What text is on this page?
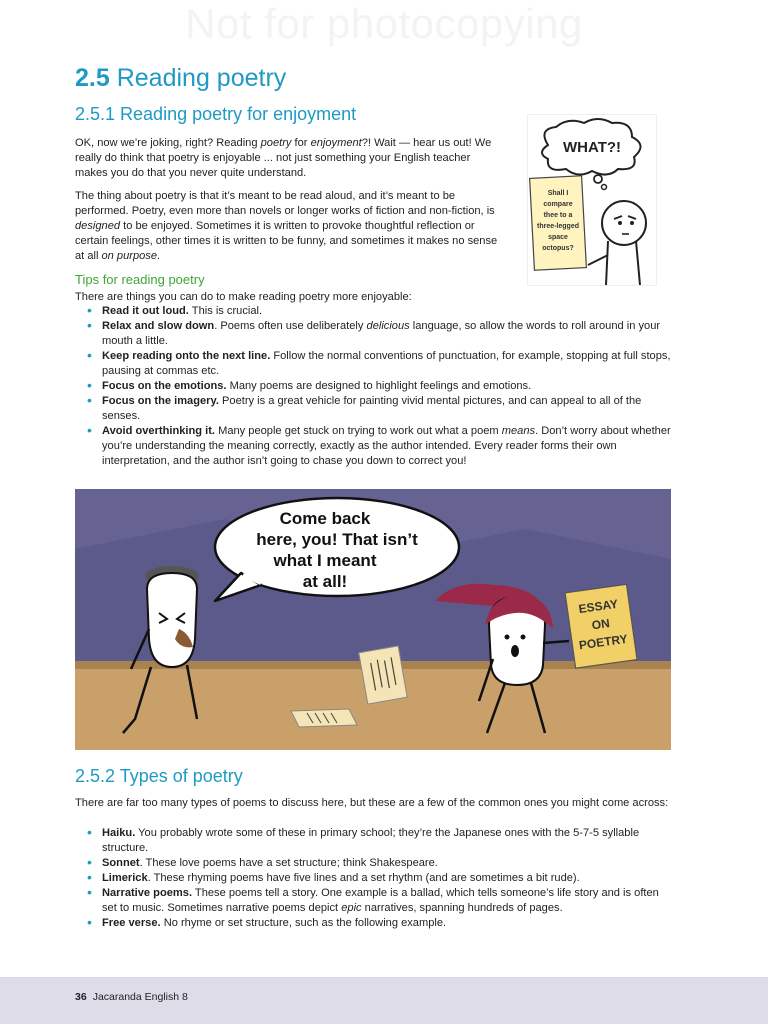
Not for photocopying
2.5 Reading poetry
2.5.1 Reading poetry for enjoyment

OK, now we’re joking, right? Reading poetry for enjoyment?! Wait — hear us out! We really do think that poetry is enjoyable ... not just something your English teacher makes you do that you never quite understand.

The thing about poetry is that it’s meant to be read aloud, and it’s meant to be performed. Poetry, even more than novels or longer works of fiction and non-fiction, is designed to be enjoyed. Sometimes it is written to provoke thoughtful reflection or certain feelings, other times it is written to be funny, and sometimes it makes no sense at all on purpose.

WHAT?!
Shall I
compare
thee to a
three-legged
space
octopus?
Tips for reading poetry

There are things you can do to make reading poetry more enjoyable:

• Read it out loud. This is crucial.
• Relax and slow down. Poems often use deliberately delicious language, so allow the words to roll around in your mouth a little.
• Keep reading onto the next line. Follow the normal conventions of punctuation, for example, stopping at full stops, pausing at commas etc.
• Focus on the emotions. Many poems are designed to highlight feelings and emotions.
• Focus on the imagery. Poetry is a great vehicle for painting vivid mental pictures, and can appeal to all of the senses.
• Avoid overthinking it. Many people get stuck on trying to work out what a poem means. Don’t worry about whether you’re understanding the meaning correctly, exactly as the author intended. Every reader forms their own interpretation, and the author isn’t going to chase you down to correct you!
Come back
here, you! That isn’t
what I meant
at all!
ESSAY
ON
POETRY
2.5.2 Types of poetry

There are far too many types of poems to discuss here, but these are a few of the common ones you might come across:

• Haiku. You probably wrote some of these in primary school; they’re the Japanese ones with the 5-7-5 syllable structure.
• Sonnet. These love poems have a set structure; think Shakespeare.
• Limerick. These rhyming poems have five lines and a set rhythm (and are sometimes a bit rude).
• Narrative poems. These poems tell a story. One example is a ballad, which tells someone’s life story and is often set to music. Sometimes narrative poems depict epic narratives, spanning hundreds of pages.
• Free verse. No rhyme or set structure, such as the following example.
36 Jacaranda English 8
